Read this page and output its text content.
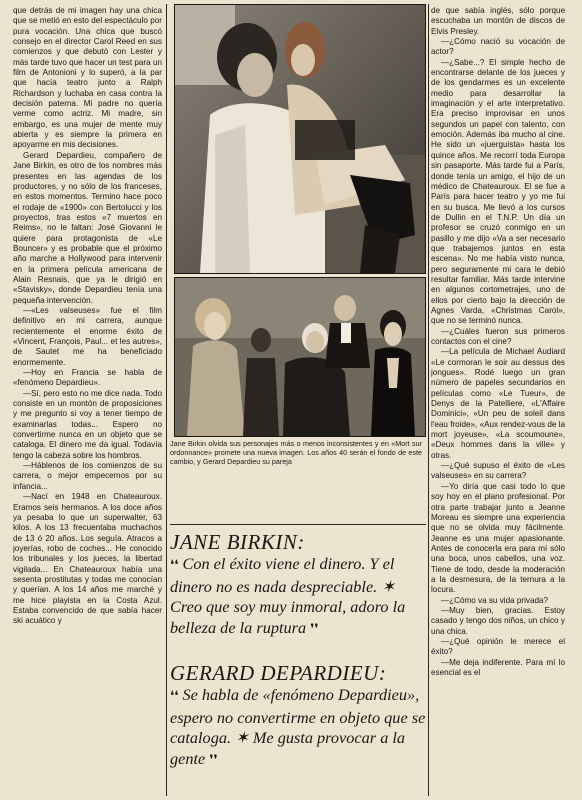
que detrás de mi imagen hay una chica que se metió en esto del espectáculo por pura vocación. Una chica que buscó consejo en el director Carol Reed en sus comienzos y que debutó con Lester y más tarde tuvo que hacer un test para un film de Antonioni y lo superó, a la par que hacía teatro junto a Ralph Richardson y luchaba en casa contra la decisión paterna. Mi padre no quería verme como actriz. Mi madre, sin embargo, es una mujer de mente muy abierta y es siempre la primera en apoyarme en mis decisiones.

Gerard Depardieu, compañero de Jane Birkin, es otro de los nombres más presentes en las agendas de los productores, y no sólo de los franceses, en estos momentos. Termino hace poco el rodaje de «1900» con Bertolucci y los proyectos, tras estos «7 muertos en Reims», no le faltan: José Giovanni le quiere para protagonista de «Le Bouncer» y es probable que el próximo año marche a Hollywood para intervenir en la primera película americana de Alain Resnais, que ya le dirigió en «Stavisky», donde Depardieu tenía una pequeña intervención.

—«Les valseuses» fue el film definitivo en mi carrera, aunque recientemente el enorme éxito de «Vincent, François, Paul... et les autres», de Sautet me ha beneficiado enormemente.

—Hoy en Francia se habla de «fenómeno Depardieu».

—Sí, pero esto no me dice nada. Todo consiste en un montón de proposiciones y me pregunto si voy a tener tiempo de examinarlas todas... Espero no convertirme nunca en un objeto que se cataloga. El dinero me da igual. Todavía tengo la cabeza sobre los hombros.

—Háblenos de los comienzos de su carrera, o mejor empecemos por su infancia...

—Nací en 1948 en Chateauroux. Eramos seis hermanos. A los doce años ya pesaba lo que un superwalter, 63 kilos. A los 13 frecuentaba muchachos de 13 ó 20 años. Los seguía. Atracos a joyerías, robo de coches... He conocido los tribunales y los jueces, la libertad vigilada... En Chateauroux había una sesenta prostitutas y todas me conocían y querían. A los 14 años me marché y me hice playista en la Costa Azul. Estaba convencido de que sabía hacer ski acuático y

Jane Birkin olvida sus personajes más o menos inconsistentes y en «Mort sur ordonnance» promete una nueva imagen. Los años 40 serán el fondo de este cambio, y Gerard Depardieu su pareja
JANE BIRKIN:

❛❛ Con el éxito viene el dinero. Y el dinero no es nada despreciable. ✶ Creo que soy muy inmoral, adoro la belleza de la ruptura ❜❜

GERARD DEPARDIEU:

❛❛ Se habla de «fenómeno Depardieu», espero no convertirme en objeto que se cataloga. ✶ Me gusta provocar a la gente ❜❜

de que sabía inglés, sólo porque escuchaba un montón de discos de Elvis Presley.

—¿Cómo nació su vocación de actor?

—¿Sabe...? El simple hecho de encontrarse delante de los jueces y de los gendarmes es un excelente medio para desarrollar la imaginación y el arte interpretativo. Era preciso improvisar en unos segundos un papel con talento, con emoción. Además iba mucho al cine. He sido un «juerguista» hasta los quince años. Me recorrí toda Europa sin pasaporte. Más tarde fui a París, donde tenía un amigo, el hijo de un médico de Chateauroux. El se fue a París para hacer teatro y yo me fui en su busca. Me llevó a los cursos de Dullin en el T.N.P. Un día un profesor se cruzó conmigo en un pasillo y me dijo «Va a ser necesario que trabajemos juntos en esta escena». No me había visto nunca, pero seguramente mi cara le debió resultar familiar. Más tarde intervine en algunos cortometrajes, uno de ellos por cierto bajo la dirección de Agnes Varda, «Christmas Carol», que no se terminó nunca.

—¿Cuáles fueron sus primeros contactos con el cine?

—La película de Michael Audiard «Le cormoran le soir au dessus des jongues». Rodé luego un gran número de papeles secundarios en películas como «Le Tueur», de Denys de la Patelliere, «L'Affaire Dominici», «Un peu de soleil dans l'eau froide», «Aux rendez-vous de la mort joyeuse», «La scoumoune», «Deux hommes dans la ville» y otras.

—¿Qué supuso el éxito de «Les valseuses» en su carrera?

—Yo diría que casi todo lo que soy hoy en el plano profesional. Por otra parte trabajar junto a Jeanne Moreau es siempre una experiencia que no se olvida muy fácilmente. Jeanne es una mujer apasionante. Antes de conocerla era para mí sólo una boca, unos cabellos, una voz. Tiene de todo, desde la moderación a la desmesura, de la ternura a la locura.

—¿Cómo va su vida privada?

—Muy bien, gracias. Estoy casado y tengo dos niños, un chico y una chica.

—¿Qué opinión le merece el éxito?

—Me deja indiferente. Para mí lo esencial es el
